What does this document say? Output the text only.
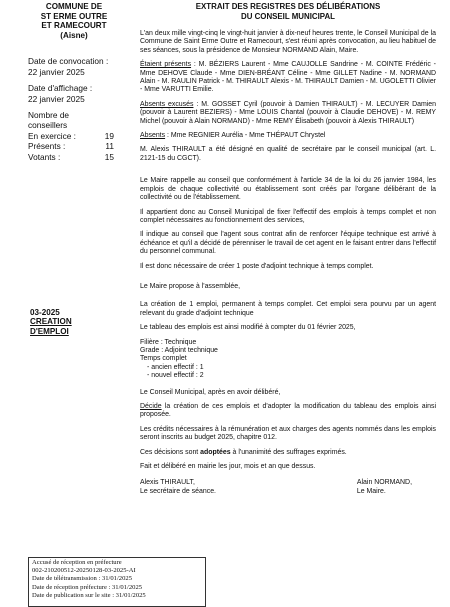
COMMUNE DE
ST ERME OUTRE
ET RAMECOURT
(Aisne)
Date de convocation :
22 janvier 2025
Date d'affichage :
22 janvier 2025
Nombre de
conseillers
En exercice :	19
Présents :	11
Votants :	15
03-2025
CREATION
D'EMPLOI
EXTRAIT DES REGISTRES DES DÉLIBÉRATIONS
DU CONSEIL MUNICIPAL

L'an deux mille vingt-cinq le vingt-huit janvier à dix-neuf heures trente, le Conseil Municipal de la Commune de Saint Erme Outre et Ramecourt, s'est réuni après convocation, au lieu habituel de ses séances, sous la présidence de Monsieur NORMAND Alain, Maire.

Étaient présents : M. BÉZIERS Laurent - Mme CAUJOLLE Sandrine - M. COINTE Frédéric - Mme DEHOVE Claude - Mme DIEN-BRÉANT Céline - Mme GILLET Nadine - M. NORMAND Alain - M. RAULIN Patrick - M. THIRAULT Alexis - M. THIRAULT Damien - M. UGOLETTI Olivier - Mme VARUTTI Emilie.

Absents excusés : M. GOSSET Cyril (pouvoir à Damien THIRAULT) - M. LECUYER Damien (pouvoir à Laurent BEZIERS) - Mme LOUIS Chantal (pouvoir à Claudie DEHOVE) - M. REMY Michel (pouvoir à Alain NORMAND) - Mme REMY Élisabeth (pouvoir à Alexis THIRAULT)

Absents : Mme REGNIER Aurélia - Mme THÉPAUT Chrystel

M. Alexis THIRAULT a été désigné en qualité de secrétaire par le conseil municipal (art. L. 2121-15 du CGCT).

Le Maire rappelle au conseil que conformément à l'article 34 de la loi du 26 janvier 1984, les emplois de chaque collectivité ou établissement sont créés par l'organe délibérant de la collectivité ou de l'établissement.

Il appartient donc au Conseil Municipal de fixer l'effectif des emplois à temps complet et non complet nécessaires au fonctionnement des services,

Il indique au conseil que l'agent sous contrat afin de renforcer l'équipe technique est arrivé à échéance et qu'il a décidé de pérenniser le travail de cet agent en le faisant entrer dans l'effectif du personnel communal.

Il est donc nécessaire de créer 1 poste d'adjoint technique à temps complet.

Le Maire propose à l'assemblée,

La création de 1 emploi, permanent à temps complet. Cet emploi sera pourvu par un agent relevant du grade d'adjoint technique

Le tableau des emplois est ainsi modifié à compter du 01 février 2025,

Filière : Technique
Grade : Adjoint technique
Temps complet
- ancien effectif : 1
- nouvel effectif : 2

Le Conseil Municipal, après en avoir délibéré,

Décide la création de ces emplois et d'adopter la modification du tableau des emplois ainsi proposée.

Les crédits nécessaires à la rémunération et aux charges des agents nommés dans les emplois seront inscrits au budget 2025, chapitre 012.

Ces décisions sont adoptées à l'unanimité des suffrages exprimés.

Fait et délibéré en mairie les jour, mois et an que dessus.

Alexis THIRAULT,
Le secrétaire de séance.
Alain NORMAND,
Le Maire.
Accusé de réception en préfecture
002-210200512-20250128-03-2025-AI
Date de télétransmission : 31/01/2025
Date de réception préfecture : 31/01/2025
Date de publication sur le site : 31/01/2025
